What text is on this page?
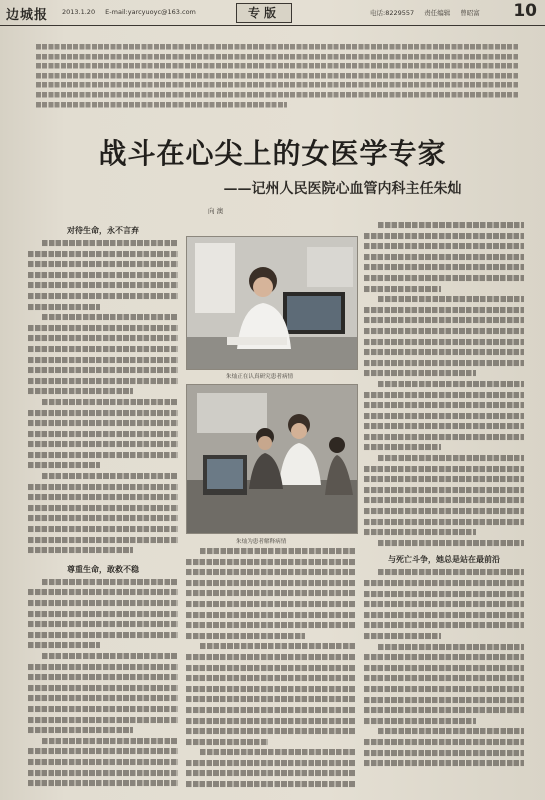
边城报 2013.1.20 E-mail:yarcyuoyc@163.com	专版	电话:8229557 责任编辑 曾昭富	10
战斗在心尖上的女医学专家
——记州人民医院心血管内科主任朱灿
向 澳
对待生命，永不言弃
尊重生命，敢救不稳
朱灿正在认真研究患者病情
朱灿为患者解释病情
与死亡斗争，她总是站在最前沿
